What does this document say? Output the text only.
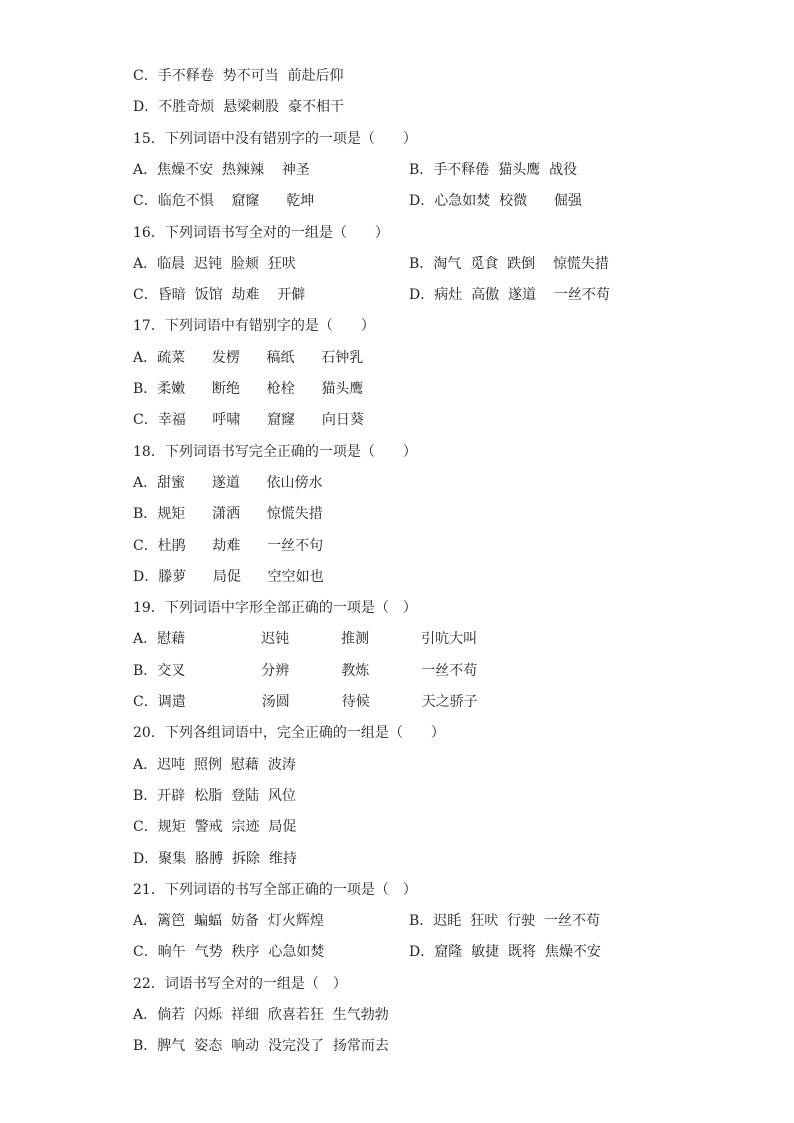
C．手不释卷  势不可当  前赴后仰
D．不胜奇烦  悬梁刺股  豪不相干
15．下列词语中没有错别字的一项是（　　）
A．焦燥不安  热辣辣    神圣	B．手不释倦  猫头鹰  战役
C．临危不惧    窟窿      乾坤	D．心急如焚  校微      倔强
16．下列词语书写全对的一组是（　　）
A．临晨  迟钝  脸颊  狂吠	B．淘气  觅食  跌倒    惊慌失措
C．昏暗  饭馆  劫难    开僻	D．病灶  高傲  遂道    一丝不苟
17．下列词语中有错别字的是（　　）
A．疏菜      发楞      稿纸      石钟乳
B．柔嫩      断绝      枪栓      猫头鹰
C．幸福      呼啸      窟窿      向日葵
18．下列词语书写完全正确的一项是（　　）
A．甜蜜      遂道      依山傍水
B．规矩      潇洒      惊慌失措
C．杜鹃      劫难      一丝不句
D．滕萝      局促      空空如也
19．下列词语中字形全部正确的一项是（　）
A． 慰藉	迟钝	推测	引吭大叫
B． 交叉	分辨	教炼	一丝不苟
C． 调遣	汤圆	待候	天之骄子
20．下列各组词语中，完全正确的一组是（　　）
A．迟吨  照例  慰藉  波涛
B．开辟  松脂  登陆  风位
C．规矩  警戒  宗迹  局促
D．聚集  胳膊  拆除  维持
21．下列词语的书写全部正确的一项是（　）
A．篱笆  蝙蝠  妨备  灯火辉煌	B．迟眊  狂吠  行驶  一丝不苟
C．晌午  气势  秩序  心急如焚	D．窟隆  敏捷  既将  焦燥不安
22．词语书写全对的一组是（　）
A．倘若  闪烁  祥细  欣喜若狂  生气勃勃
B．脾气  姿态  响动  没完没了  扬常而去
